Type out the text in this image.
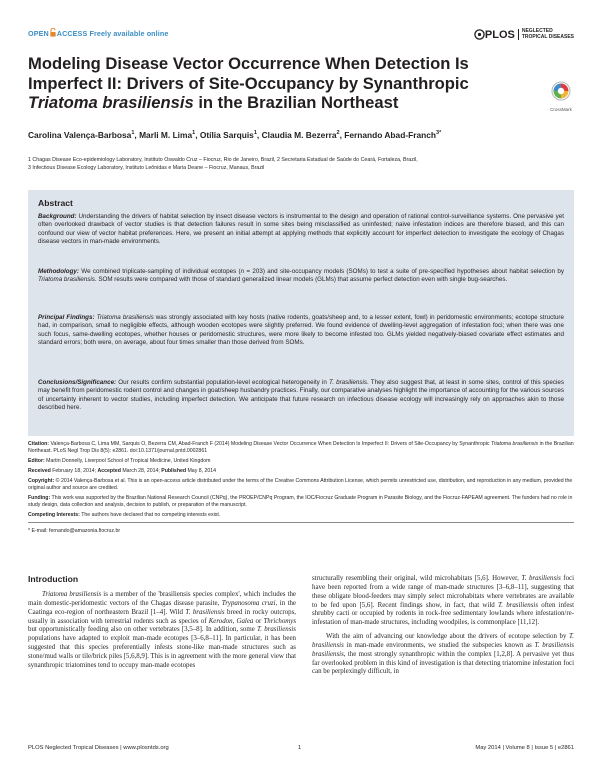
OPEN ACCESS Freely available online	PLOS NEGLECTED
TROPICAL DISEASES
Modeling Disease Vector Occurrence When Detection Is
Imperfect II: Drivers of Site-Occupancy by Synanthropic
Triatoma brasiliensis in the Brazilian Northeast	CrossMark
Carolina Valença-Barbosa$^1$, Marli M. Lima$^1$, Otília Sarquis$^1$, Claudia M. Bezerra$^2$, Fernando Abad-Franch$^{3*}$
1 Chagas Disease Eco-epidemiology Laboratory, Instituto Oswaldo Cruz – Fiocruz, Rio de Janeiro, Brazil, 2 Secretaria Estadual de Saúde do Ceará, Fortaleza, Brazil,
3 Infectious Disease Ecology Laboratory, Instituto Leônidas e Maria Deane – Fiocruz, Manaus, Brazil
Abstract
Background: Understanding the drivers of habitat selection by insect disease vectors is instrumental to the design and operation of rational control-surveillance systems. One pervasive yet often overlooked drawback of vector studies is that detection failures result in some sites being misclassified as uninfested; naive infestation indices are therefore biased, and this can confound our view of vector habitat preferences. Here, we present an initial attempt at applying methods that explicitly account for imperfect detection to investigate the ecology of Chagas disease vectors in man-made environments.
Methodology: We combined triplicate-sampling of individual ecotopes (n = 203) and site-occupancy models (SOMs) to test a suite of pre-specified hypotheses about habitat selection by Triatoma brasiliensis. SOM results were compared with those of standard generalized linear models (GLMs) that assume perfect detection even with single bug-searches.
Principal Findings: Triatoma brasiliensis was strongly associated with key hosts (native rodents, goats/sheep and, to a lesser extent, fowl) in peridomestic environments; ecotope structure had, in comparison, small to negligible effects, although wooden ecotopes were slightly preferred. We found evidence of dwelling-level aggregation of infestation foci; when there was one such focus, same-dwelling ecotopes, whether houses or peridomestic structures, were more likely to become infested too. GLMs yielded negatively-biased covariate effect estimates and standard errors; both were, on average, about four times smaller than those derived from SOMs.
Conclusions/Significance: Our results confirm substantial population-level ecological heterogeneity in T. brasiliensis. They also suggest that, at least in some sites, control of this species may benefit from peridomestic rodent control and changes in goat/sheep husbandry practices. Finally, our comparative analyses highlight the importance of accounting for the various sources of uncertainty inherent to vector studies, including imperfect detection. We anticipate that future research on infectious disease ecology will increasingly rely on approaches akin to those described here.
Citation: Valença-Barbosa C, Lima MM, Sarquis O, Bezerra CM, Abad-Franch F (2014) Modeling Disease Vector Occurrence When Detection Is Imperfect II: Drivers of Site-Occupancy by Synanthropic Triatoma brasiliensis in the Brazilian Northeast. PLoS Negl Trop Dis 8(5): e2861. doi:10.1371/journal.pntd.0002861
Editor: Martin Donnelly, Liverpool School of Tropical Medicine, United Kingdom
Received February 18, 2014; Accepted March 28, 2014; Published May 8, 2014
Copyright: © 2014 Valença-Barbosa et al. This is an open-access article distributed under the terms of the Creative Commons Attribution License, which permits unrestricted use, distribution, and reproduction in any medium, provided the original author and source are credited.
Funding: This work was supported by the Brazilian National Research Council (CNPq), the PROEP/CNPq Program, the IOC/Fiocruz Graduate Program in Parasite Biology, and the Fiocruz-FAPEAM agreement. The funders had no role in study design, data collection and analysis, decision to publish, or preparation of the manuscript.
Competing Interests: The authors have declared that no competing interests exist.
* E-mail: fernando@amazonia.fiocruz.br
Introduction

Triatoma brasiliensis is a member of the 'brasiliensis species complex', which includes the main domestic-peridomestic vectors of the Chagas disease parasite, Trypanosoma cruzi, in the Caatinga eco-region of northeastern Brazil [1–4]. Wild T. brasiliensis breed in rocky outcrops, usually in association with terrestrial rodents such as species of Kerodon, Galea or Thrichomys but opportunistically feeding also on other vertebrates [3,5–8]. In addition, some T. brasiliensis populations have adapted to exploit man-made ecotopes [3–6,8–11]. In particular, it has been suggested that this species preferentially infests stone-like man-made structures such as stone/mud walls or tile/brick piles [5,6,8,9]. This is in agreement with the more general view that synanthropic triatomines tend to occupy man-made ecotopes

structurally resembling their original, wild microhabitats [5,6]. However, T. brasiliensis foci have been reported from a wide range of man-made structures [3–6,8–11], suggesting that these obligate blood-feeders may simply select microhabitats where vertebrates are available to be fed upon [5,6]. Recent findings show, in fact, that wild T. brasiliensis often infest shrubby cacti or occupied by rodents in rock-free sedimentary lowlands where infestation/re-infestation of man-made structures, including woodpiles, is commonplace [11,12].

With the aim of advancing our knowledge about the drivers of ecotope selection by T. brasiliensis in man-made environments, we studied the subspecies known as T. brasiliensis brasiliensis, the most strongly synanthropic within the complex [1,2,8]. A pervasive yet thus far overlooked problem in this kind of investigation is that detecting triatomine infestation foci can be perplexingly difficult, in

PLOS Neglected Tropical Diseases | www.plosntds.org	1	May 2014 | Volume 8 | Issue 5 | e2861
